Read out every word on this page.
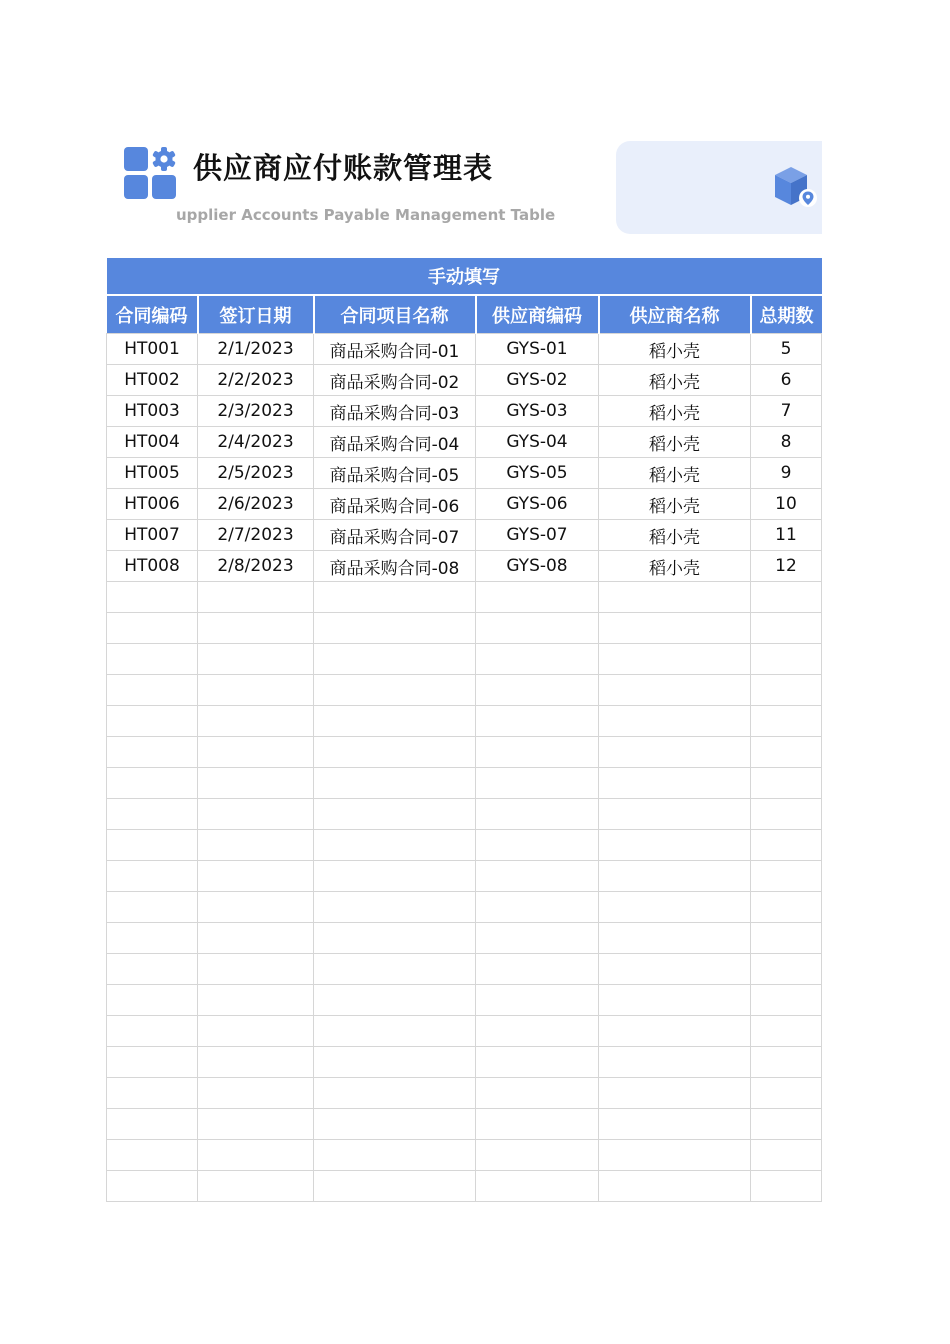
供应商应付账款管理表
upplier Accounts Payable Management Table
手动填写					
合同编码	签订日期	合同项目名称	供应商编码	供应商名称	总期数
HT001	2/1/2023	商品采购合同-01	GYS-01	稻小壳	5
HT002	2/2/2023	商品采购合同-02	GYS-02	稻小壳	6
HT003	2/3/2023	商品采购合同-03	GYS-03	稻小壳	7
HT004	2/4/2023	商品采购合同-04	GYS-04	稻小壳	8
HT005	2/5/2023	商品采购合同-05	GYS-05	稻小壳	9
HT006	2/6/2023	商品采购合同-06	GYS-06	稻小壳	10
HT007	2/7/2023	商品采购合同-07	GYS-07	稻小壳	11
HT008	2/8/2023	商品采购合同-08	GYS-08	稻小壳	12
